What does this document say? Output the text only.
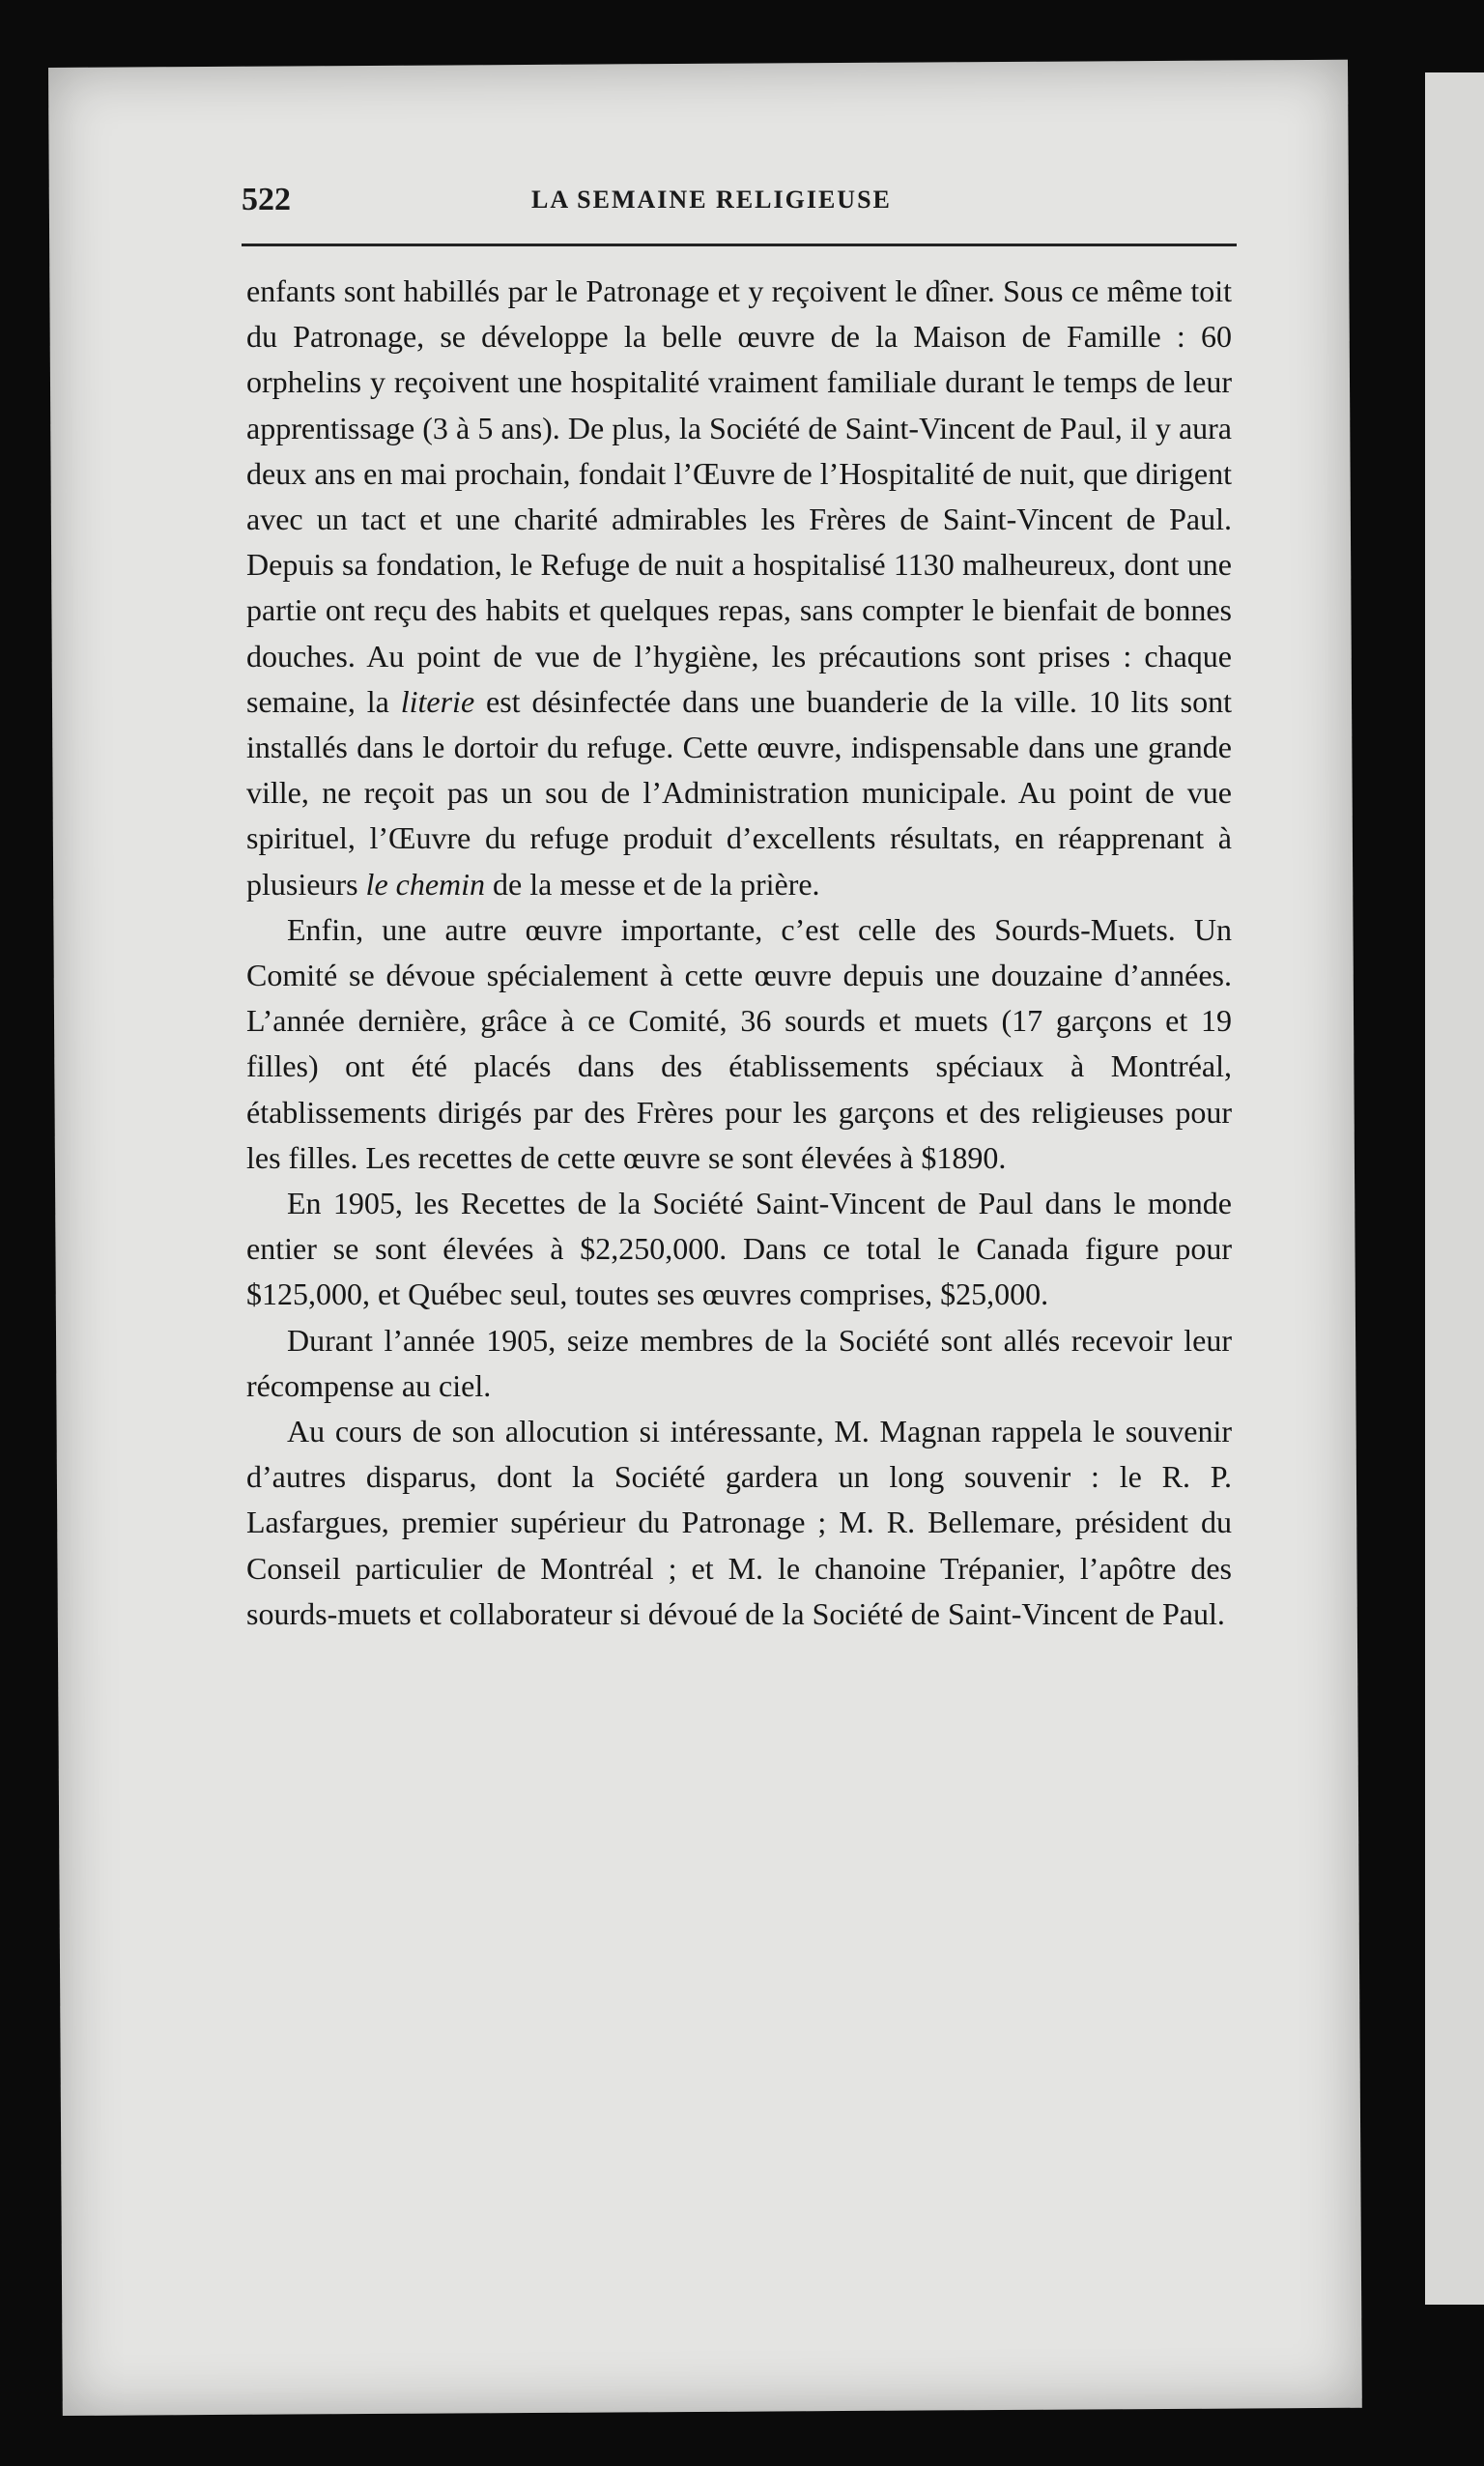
522	LA SEMAINE RELIGIEUSE

enfants sont habillés par le Patronage et y reçoivent le dîner. Sous ce même toit du Patronage, se développe la belle œuvre de la Maison de Famille : 60 orphelins y reçoivent une hospitalité vraiment familiale durant le temps de leur apprentissage (3 à 5 ans). De plus, la Société de Saint-Vincent de Paul, il y aura deux ans en mai prochain, fondait l’Œuvre de l’Hospitalité de nuit, que dirigent avec un tact et une charité admirables les Frères de Saint-Vincent de Paul. Depuis sa fondation, le Refuge de nuit a hospitalisé 1130 malheureux, dont une partie ont reçu des habits et quelques repas, sans compter le bienfait de bonnes douches. Au point de vue de l’hygiène, les précautions sont prises : chaque semaine, la literie est désinfectée dans une buanderie de la ville. 10 lits sont installés dans le dortoir du refuge. Cette œuvre, indispensable dans une grande ville, ne reçoit pas un sou de l’Administration municipale. Au point de vue spirituel, l’Œuvre du refuge produit d’excellents résultats, en réapprenant à plusieurs le chemin de la messe et de la prière.

Enfin, une autre œuvre importante, c’est celle des Sourds-Muets. Un Comité se dévoue spécialement à cette œuvre depuis une douzaine d’années. L’année dernière, grâce à ce Comité, 36 sourds et muets (17 garçons et 19 filles) ont été placés dans des établissements spéciaux à Montréal, établissements dirigés par des Frères pour les garçons et des religieuses pour les filles. Les recettes de cette œuvre se sont élevées à $1890.

En 1905, les Recettes de la Société Saint-Vincent de Paul dans le monde entier se sont élevées à $2,250,000. Dans ce total le Canada figure pour $125,000, et Québec seul, toutes ses œuvres comprises, $25,000.

Durant l’année 1905, seize membres de la Société sont allés recevoir leur récompense au ciel.

Au cours de son allocution si intéressante, M. Magnan rappela le souvenir d’autres disparus, dont la Société gardera un long souvenir : le R. P. Lasfargues, premier supérieur du Patronage ; M. R. Bellemare, président du Conseil particulier de Montréal ; et M. le chanoine Trépanier, l’apôtre des sourds-muets et collaborateur si dévoué de la Société de Saint-Vincent de Paul.
